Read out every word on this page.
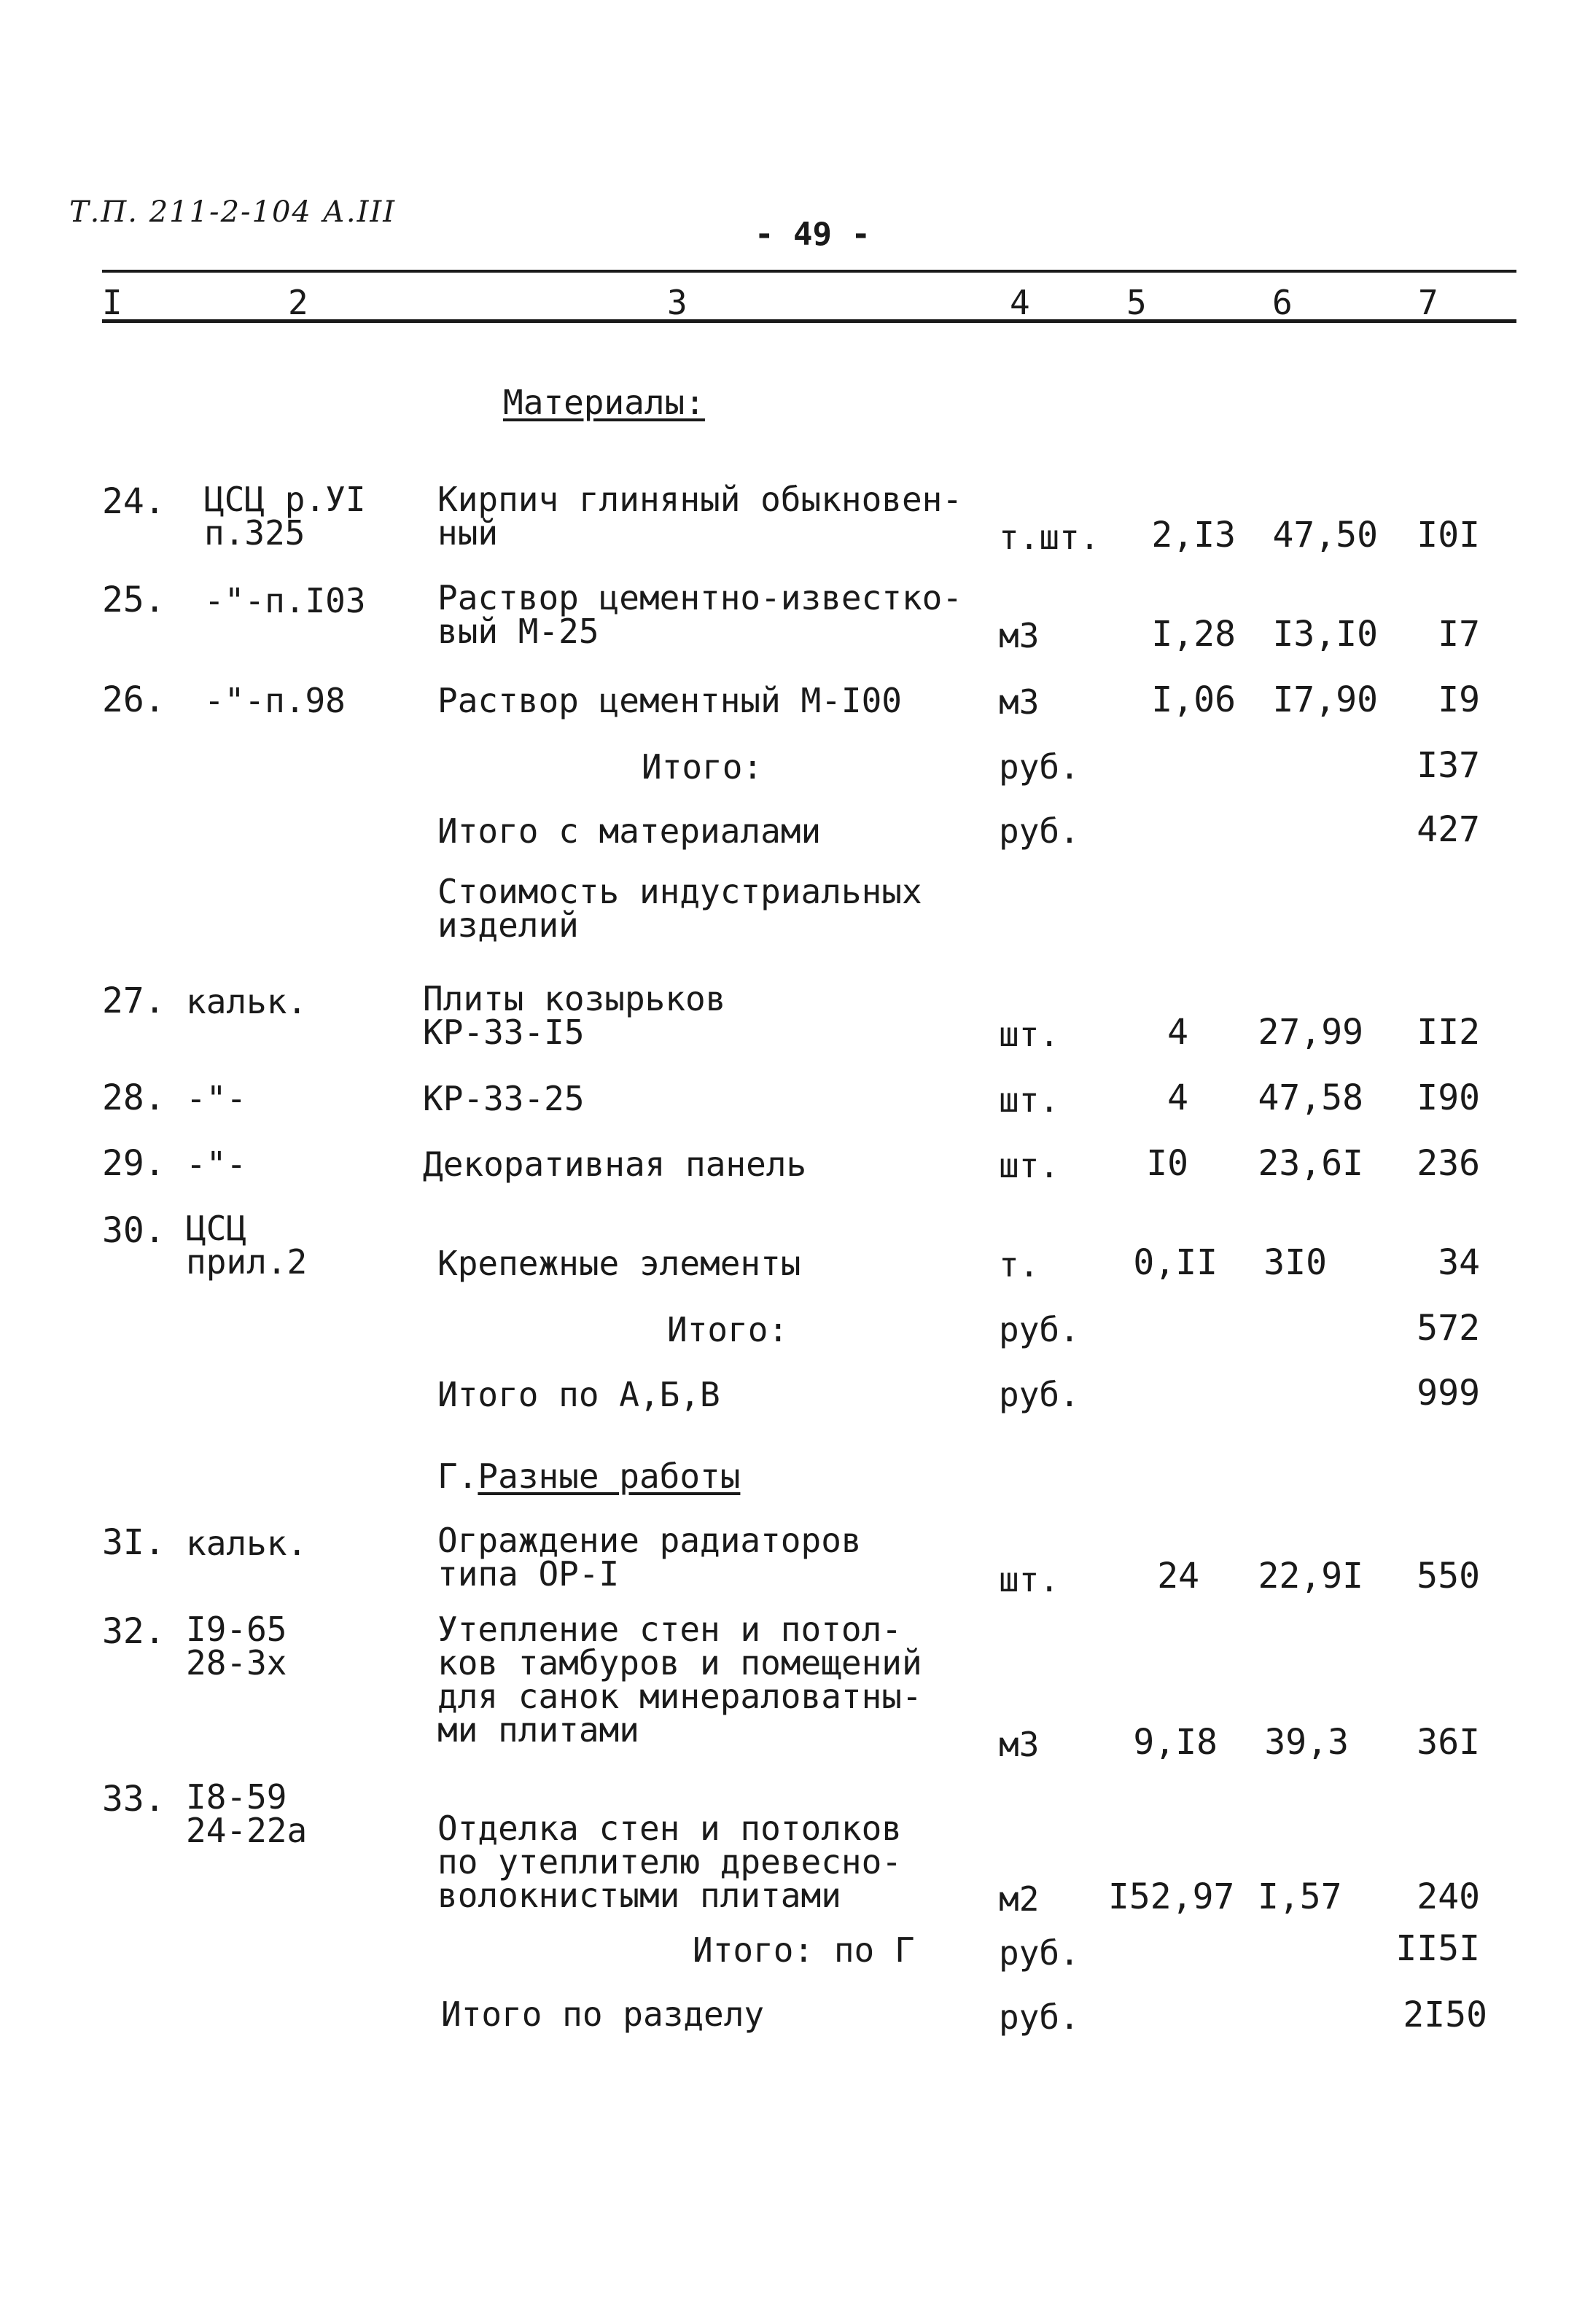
Т.П. 211-2-104 А.III
- 49 -
I	2	3	4	5	6	7
Материалы:
24. ЦСЦ р.УI
п.325
Кирпич глиняный обыкновен-
ный	т.шт.	2,I3	47,50	I0I
25. -"-п.I03 Раствор цементно-известко-
вый М-25	м3	I,28	I3,I0	I7
26. -"-п.98	Раствор цементный М-I00	м3	I,06	I7,90	I9
Итого:	руб.	I37
Итого с материалами	руб.	427
Стоимость индустриальных
изделий
27. кальк.	Плиты козырьков
КР-33-I5	шт.	4	27,99	II2
28. -"-	КР-33-25	шт.	4	47,58	I90
29. -"-	Декоративная панель	шт.	I0	23,6I	236
30. ЦСЦ
прил.2	Крепежные элементы	т.	0,II	3I0	34
Итого:	руб.	572
Итого по А,Б,В	руб.	999
Г.Разные работы
3I. кальк.	Ограждение радиаторов
типа ОР-I	шт.	24	22,9I	550
32. I9-65
28-3х
Утепление стен и потол-
ков тамбуров и помещений
для санок минераловатны-
ми плитами	м3	9,I8	39,3	36I
33. I8-59
24-22а	Отделка стен и потолков
по утеплителю древесно-
волокнистыми плитами	м2 I52,97 I,57	240
Итого: по Г	руб.	II5I
Итого по разделу	руб.	2I50
